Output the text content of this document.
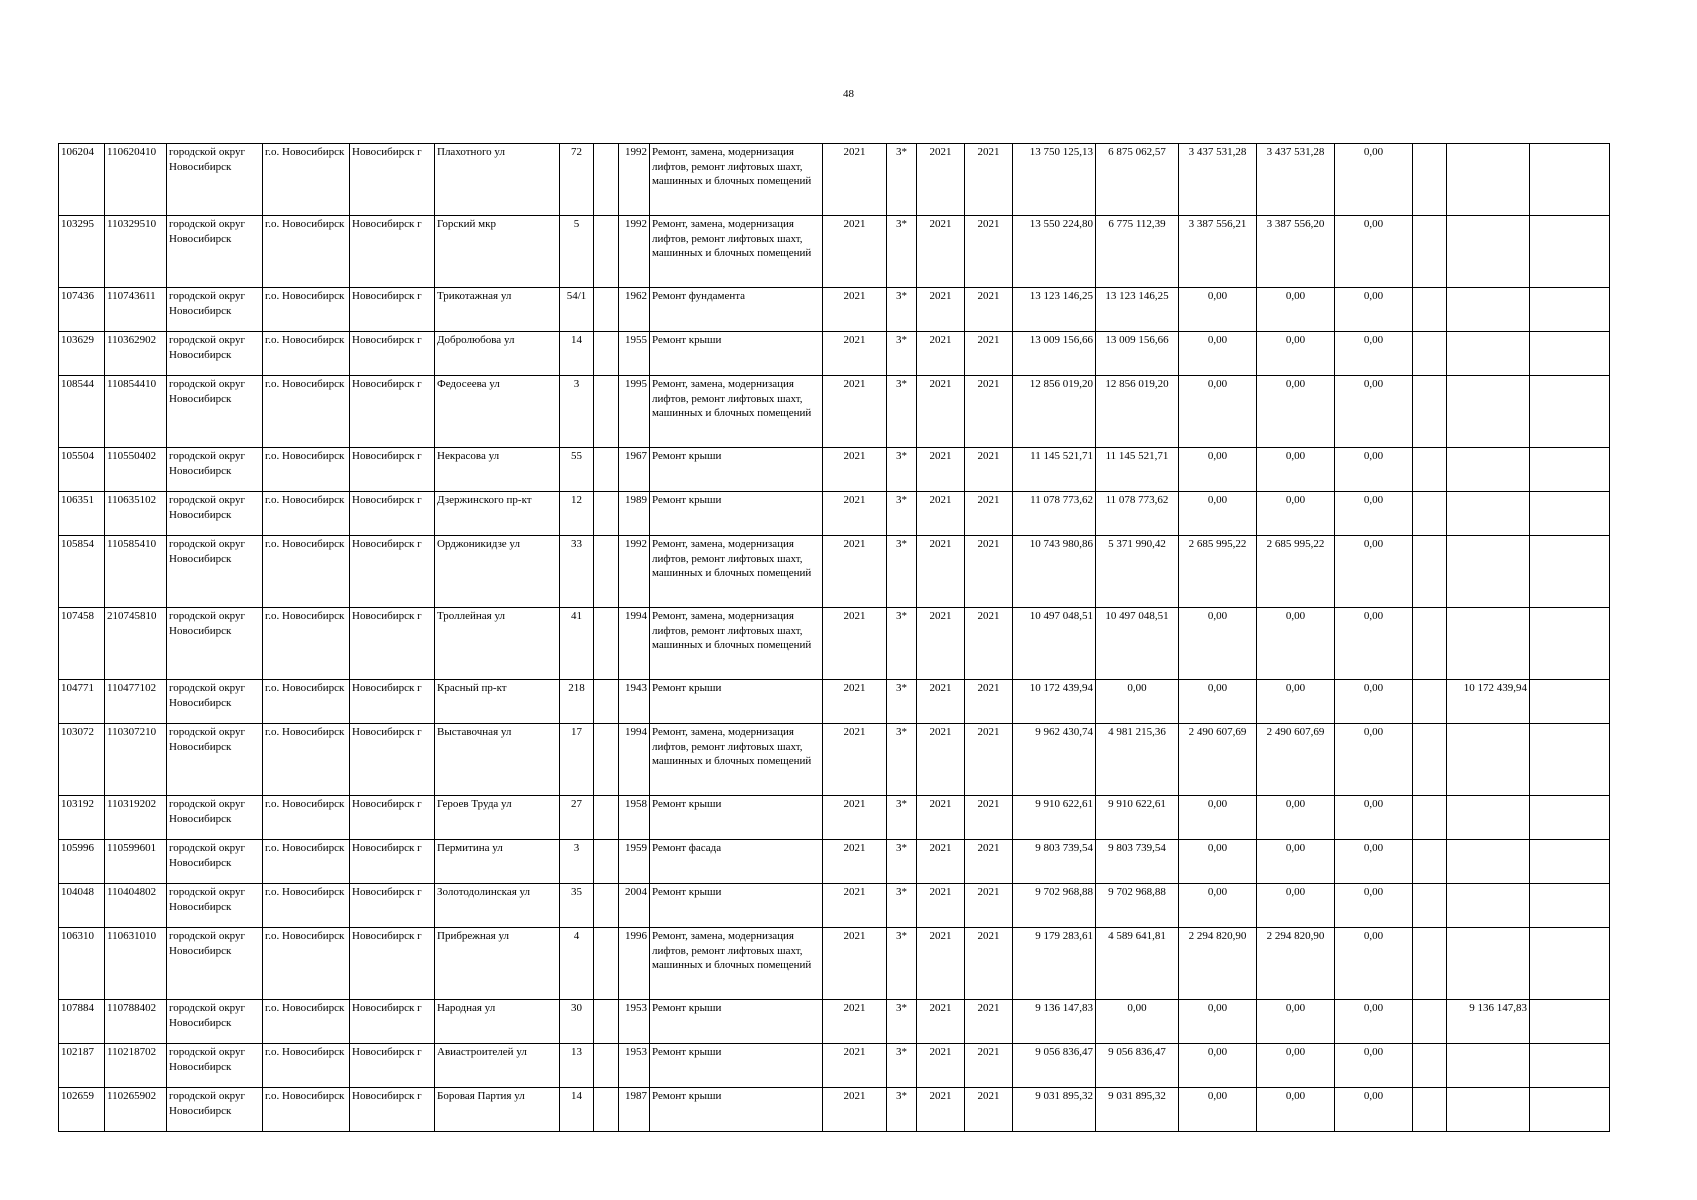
48
106204	110620410	городской округ Новосибирск	г.о. Новосибирск	Новосибирск г	Плахотного ул	72		1992	Ремонт, замена, модернизация лифтов, ремонт лифтовых шахт, машинных и блочных помещений	2021	3*	2021	2021	13 750 125,13	6 875 062,57	3 437 531,28	3 437 531,28	0,00			
103295	110329510	городской округ Новосибирск	г.о. Новосибирск	Новосибирск г	Горский мкр	5		1992	Ремонт, замена, модернизация лифтов, ремонт лифтовых шахт, машинных и блочных помещений	2021	3*	2021	2021	13 550 224,80	6 775 112,39	3 387 556,21	3 387 556,20	0,00			
107436	110743611	городской округ Новосибирск	г.о. Новосибирск	Новосибирск г	Трикотажная ул	54/1		1962	Ремонт фундамента	2021	3*	2021	2021	13 123 146,25	13 123 146,25	0,00	0,00	0,00			
103629	110362902	городской округ Новосибирск	г.о. Новосибирск	Новосибирск г	Добролюбова ул	14		1955	Ремонт крыши	2021	3*	2021	2021	13 009 156,66	13 009 156,66	0,00	0,00	0,00			
108544	110854410	городской округ Новосибирск	г.о. Новосибирск	Новосибирск г	Федосеева ул	3		1995	Ремонт, замена, модернизация лифтов, ремонт лифтовых шахт, машинных и блочных помещений	2021	3*	2021	2021	12 856 019,20	12 856 019,20	0,00	0,00	0,00			
105504	110550402	городской округ Новосибирск	г.о. Новосибирск	Новосибирск г	Некрасова ул	55		1967	Ремонт крыши	2021	3*	2021	2021	11 145 521,71	11 145 521,71	0,00	0,00	0,00			
106351	110635102	городской округ Новосибирск	г.о. Новосибирск	Новосибирск г	Дзержинского пр-кт	12		1989	Ремонт крыши	2021	3*	2021	2021	11 078 773,62	11 078 773,62	0,00	0,00	0,00			
105854	110585410	городской округ Новосибирск	г.о. Новосибирск	Новосибирск г	Орджоникидзе ул	33		1992	Ремонт, замена, модернизация лифтов, ремонт лифтовых шахт, машинных и блочных помещений	2021	3*	2021	2021	10 743 980,86	5 371 990,42	2 685 995,22	2 685 995,22	0,00			
107458	210745810	городской округ Новосибирск	г.о. Новосибирск	Новосибирск г	Троллейная ул	41		1994	Ремонт, замена, модернизация лифтов, ремонт лифтовых шахт, машинных и блочных помещений	2021	3*	2021	2021	10 497 048,51	10 497 048,51	0,00	0,00	0,00			
104771	110477102	городской округ Новосибирск	г.о. Новосибирск	Новосибирск г	Красный пр-кт	218		1943	Ремонт крыши	2021	3*	2021	2021	10 172 439,94	0,00	0,00	0,00	0,00		10 172 439,94	
103072	110307210	городской округ Новосибирск	г.о. Новосибирск	Новосибирск г	Выставочная ул	17		1994	Ремонт, замена, модернизация лифтов, ремонт лифтовых шахт, машинных и блочных помещений	2021	3*	2021	2021	9 962 430,74	4 981 215,36	2 490 607,69	2 490 607,69	0,00			
103192	110319202	городской округ Новосибирск	г.о. Новосибирск	Новосибирск г	Героев Труда ул	27		1958	Ремонт крыши	2021	3*	2021	2021	9 910 622,61	9 910 622,61	0,00	0,00	0,00			
105996	110599601	городской округ Новосибирск	г.о. Новосибирск	Новосибирск г	Пермитина ул	3		1959	Ремонт фасада	2021	3*	2021	2021	9 803 739,54	9 803 739,54	0,00	0,00	0,00			
104048	110404802	городской округ Новосибирск	г.о. Новосибирск	Новосибирск г	Золотодолинская ул	35		2004	Ремонт крыши	2021	3*	2021	2021	9 702 968,88	9 702 968,88	0,00	0,00	0,00			
106310	110631010	городской округ Новосибирск	г.о. Новосибирск	Новосибирск г	Прибрежная ул	4		1996	Ремонт, замена, модернизация лифтов, ремонт лифтовых шахт, машинных и блочных помещений	2021	3*	2021	2021	9 179 283,61	4 589 641,81	2 294 820,90	2 294 820,90	0,00			
107884	110788402	городской округ Новосибирск	г.о. Новосибирск	Новосибирск г	Народная ул	30		1953	Ремонт крыши	2021	3*	2021	2021	9 136 147,83	0,00	0,00	0,00	0,00		9 136 147,83	
102187	110218702	городской округ Новосибирск	г.о. Новосибирск	Новосибирск г	Авиастроителей ул	13		1953	Ремонт крыши	2021	3*	2021	2021	9 056 836,47	9 056 836,47	0,00	0,00	0,00			
102659	110265902	городской округ Новосибирск	г.о. Новосибирск	Новосибирск г	Боровая Партия ул	14		1987	Ремонт крыши	2021	3*	2021	2021	9 031 895,32	9 031 895,32	0,00	0,00	0,00			
